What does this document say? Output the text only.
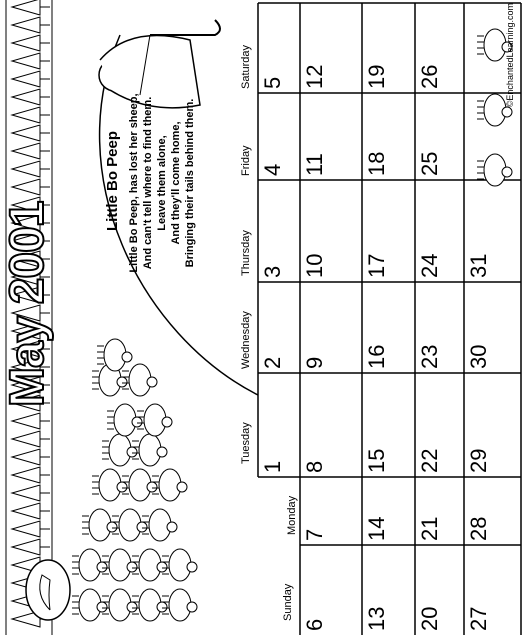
May 2001
Little Bo Peep Little Bo Peep, has lost her sheep, And can't tell where to find them. Leave them alone, And they'll come home, Bringing their tails behind them.
Sunday
Monday
Tuesday
Wednesday
Thursday
Friday
Saturday
1
2
3
4
5
6
7
8
9
10
11
12
13
14
15
16
17
18
19
20
21
22
23
24
25
26
27
28
29
30
31
©EnchantedLearning.com
